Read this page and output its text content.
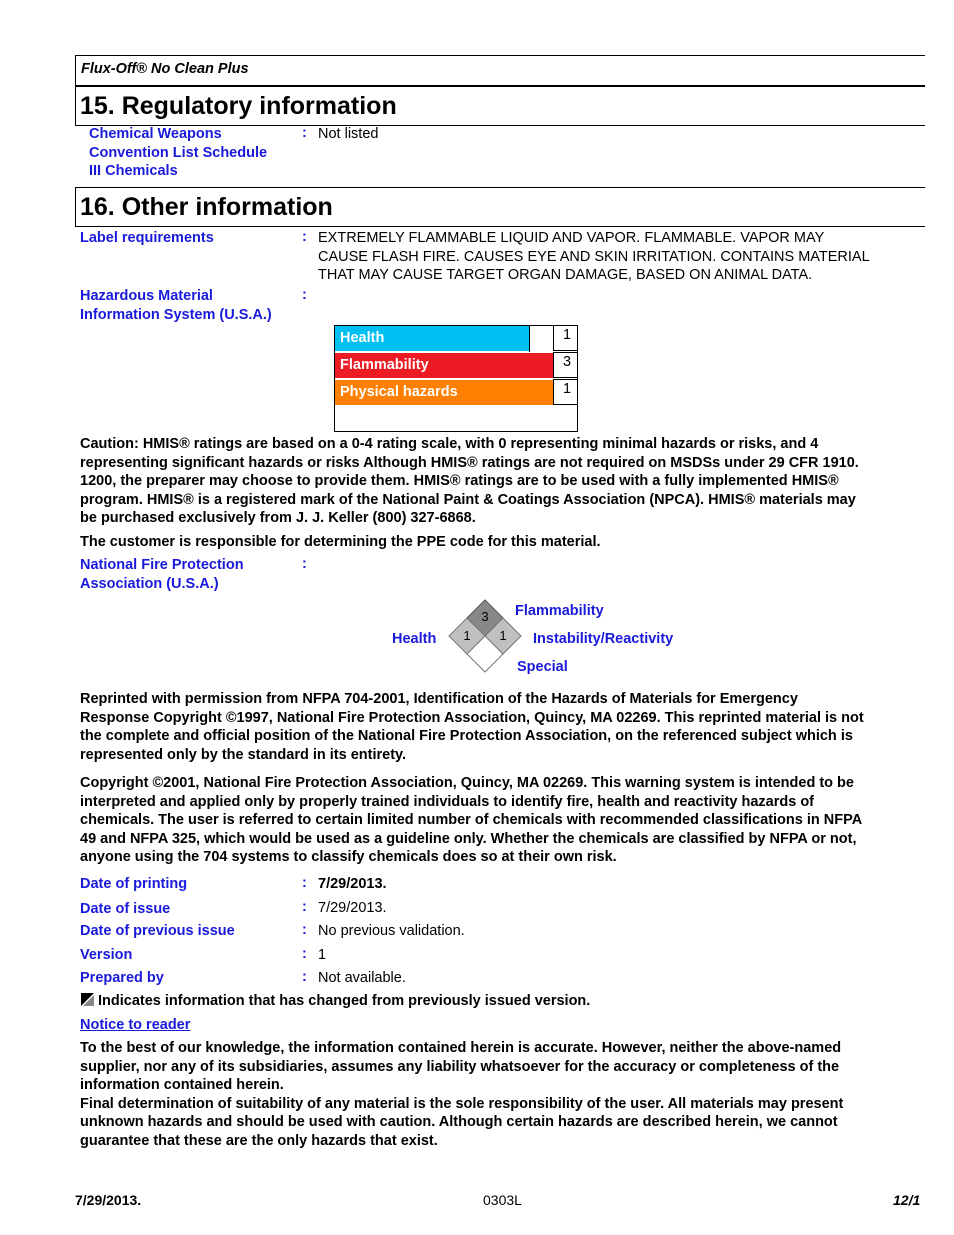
Flux-Off® No Clean Plus
15. Regulatory information
Chemical Weapons
Convention List Schedule
III Chemicals
: Not listed
16. Other information
Label requirements	: EXTREMELY FLAMMABLE LIQUID AND VAPOR. FLAMMABLE. VAPOR MAY
CAUSE FLASH FIRE. CAUSES EYE AND SKIN IRRITATION. CONTAINS MATERIAL
THAT MAY CAUSE TARGET ORGAN DAMAGE, BASED ON ANIMAL DATA.
Hazardous Material
Information System (U.S.A.)
:
Health	1
Flammability	3
Physical hazards	1
Caution: HMIS® ratings are based on a 0-4 rating scale, with 0 representing minimal hazards or risks, and 4
representing significant hazards or risks Although HMIS® ratings are not required on MSDSs under 29 CFR 1910.
1200, the preparer may choose to provide them. HMIS® ratings are to be used with a fully implemented HMIS®
program. HMIS® is a registered mark of the National Paint & Coatings Association (NPCA). HMIS® materials may
be purchased exclusively from J. J. Keller (800) 327-6868.
The customer is responsible for determining the PPE code for this material.
National Fire Protection
Association (U.S.A.)
:
3
1 1
Flammability
Health	Instability/Reactivity
Special
Reprinted with permission from NFPA 704-2001, Identification of the Hazards of Materials for Emergency
Response Copyright ©1997, National Fire Protection Association, Quincy, MA 02269. This reprinted material is not
the complete and official position of the National Fire Protection Association, on the referenced subject which is
represented only by the standard in its entirety.
Copyright ©2001, National Fire Protection Association, Quincy, MA 02269. This warning system is intended to be
interpreted and applied only by properly trained individuals to identify fire, health and reactivity hazards of
chemicals. The user is referred to certain limited number of chemicals with recommended classifications in NFPA
49 and NFPA 325, which would be used as a guideline only. Whether the chemicals are classified by NFPA or not,
anyone using the 704 systems to classify chemicals does so at their own risk.
Date of printing	: 7/29/2013.
Date of issue	: 7/29/2013.
Date of previous issue	: No previous validation.
Version	: 1
Prepared by	: Not available.
Indicates information that has changed from previously issued version.
Notice to reader
To the best of our knowledge, the information contained herein is accurate. However, neither the above-named
supplier, nor any of its subsidiaries, assumes any liability whatsoever for the accuracy or completeness of the
information contained herein.
Final determination of suitability of any material is the sole responsibility of the user. All materials may present
unknown hazards and should be used with caution. Although certain hazards are described herein, we cannot
guarantee that these are the only hazards that exist.
7/29/2013.	0303L	12/1
